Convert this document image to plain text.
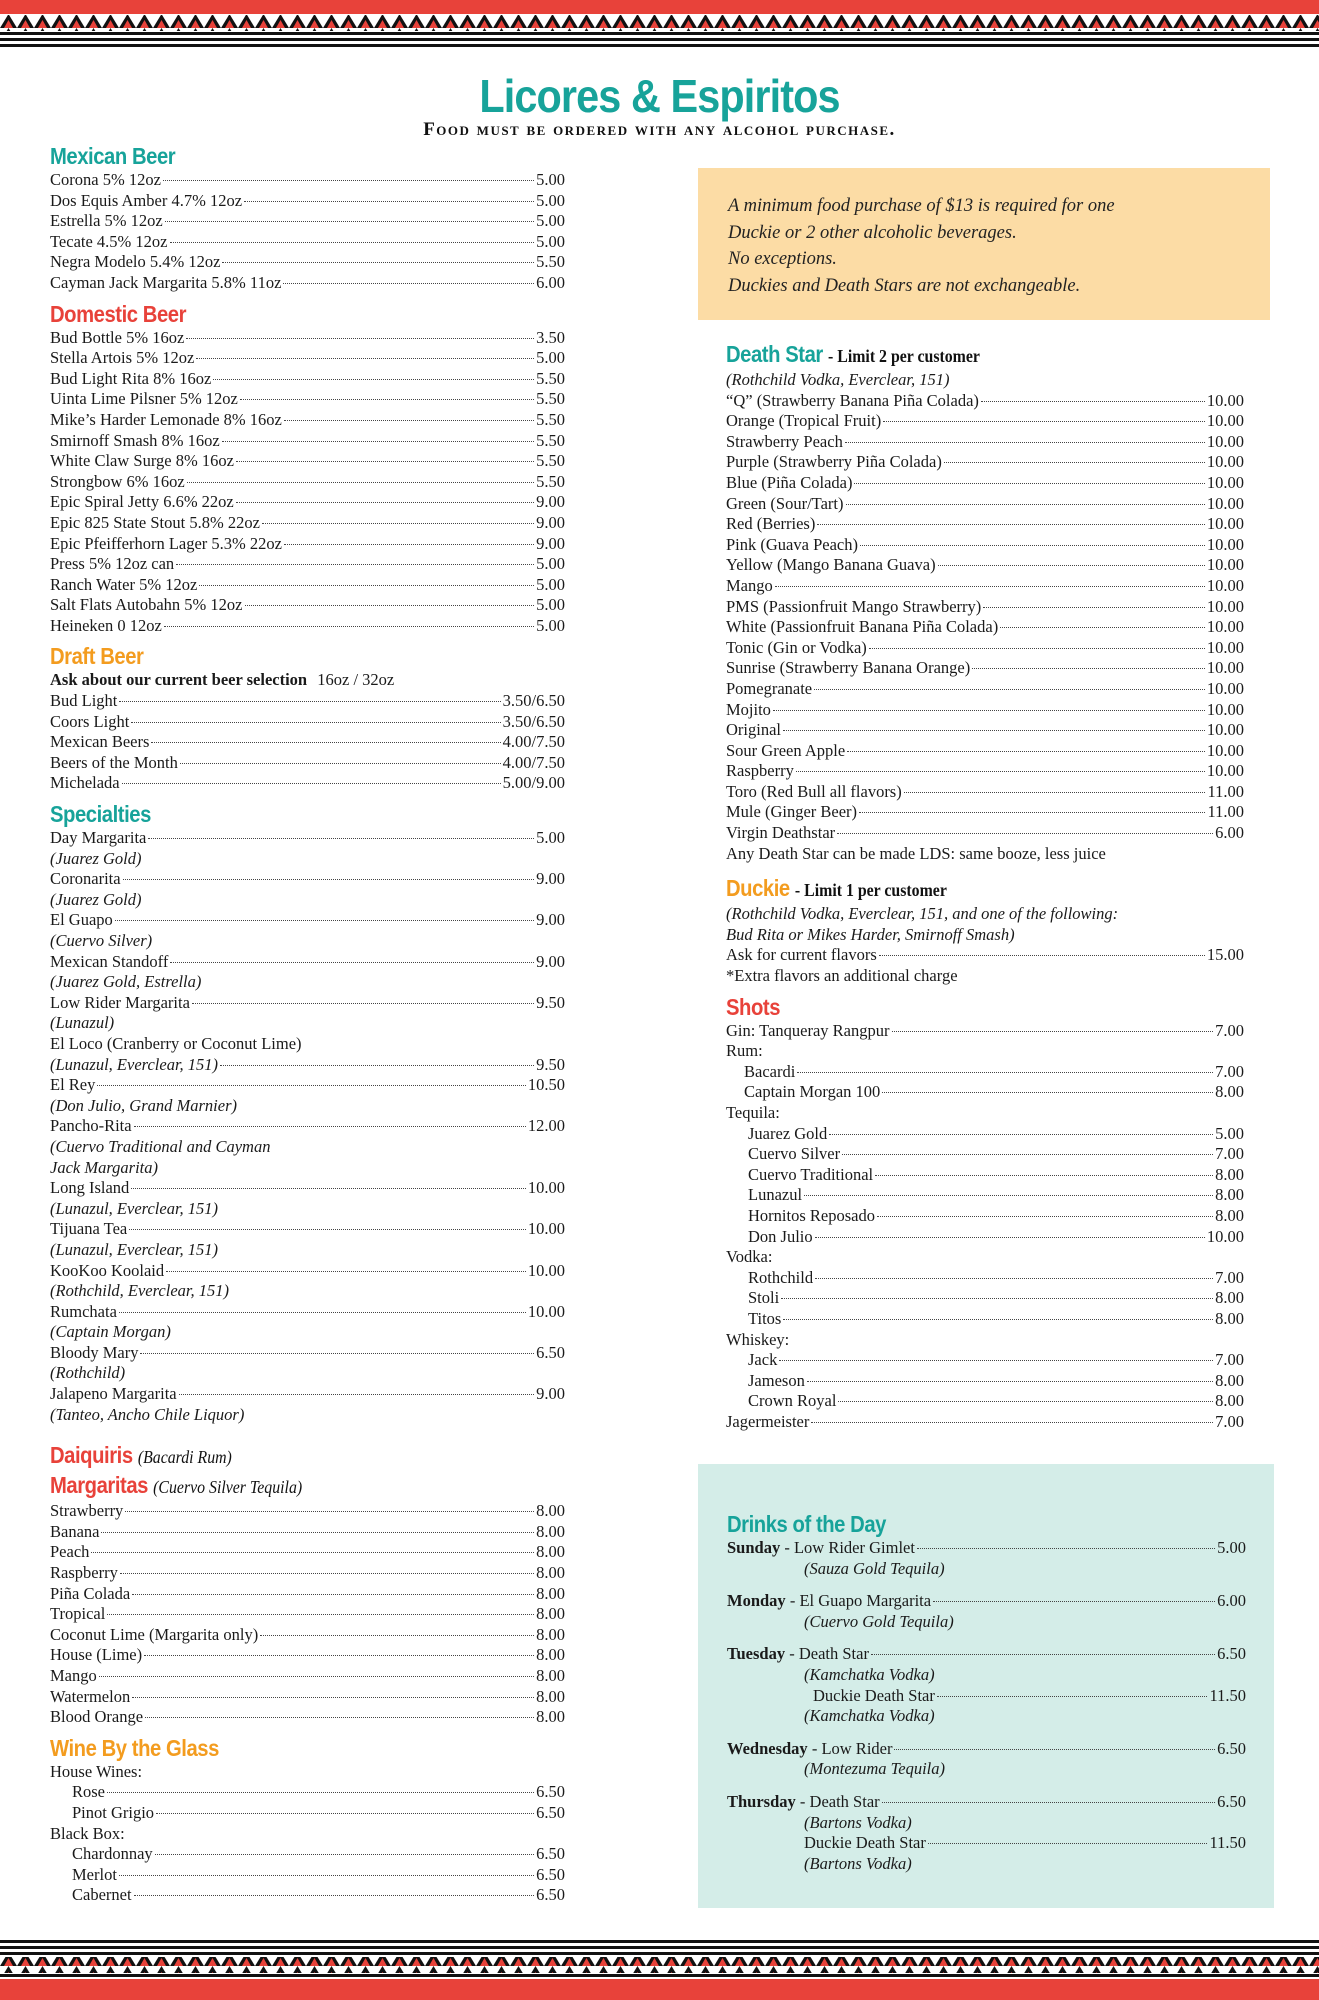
Licores & Espiritos
Food must be ordered with any alcohol purchase.
A minimum food purchase of $13 is required for one
Duckie or 2 other alcoholic beverages.
No exceptions.
Duckies and Death Stars are not exchangeable.
Mexican Beer
Corona 5% 12oz	5.00
Dos Equis Amber 4.7% 12oz	5.00
Estrella 5% 12oz	5.00
Tecate 4.5% 12oz	5.00
Negra Modelo 5.4% 12oz	5.50
Cayman Jack Margarita 5.8% 11oz	6.00
Domestic Beer
Bud Bottle 5% 16oz	3.50
Stella Artois 5% 12oz	5.00
Bud Light Rita 8% 16oz	5.50
Uinta Lime Pilsner 5% 12oz	5.50
Mike’s Harder Lemonade 8% 16oz	5.50
Smirnoff Smash 8% 16oz	5.50
White Claw Surge 8% 16oz	5.50
Strongbow 6% 16oz	5.50
Epic Spiral Jetty 6.6% 22oz	9.00
Epic 825 State Stout 5.8% 22oz	9.00
Epic Pfeifferhorn Lager 5.3% 22oz	9.00
Press 5% 12oz can	5.00
Ranch Water 5% 12oz	5.00
Salt Flats Autobahn 5% 12oz	5.00
Heineken 0 12oz	5.00
Draft Beer
Ask about our current beer selection 16oz / 32oz
Bud Light	3.50/6.50
Coors Light	3.50/6.50
Mexican Beers	4.00/7.50
Beers of the Month	4.00/7.50
Michelada	5.00/9.00
Specialties
Day Margarita	5.00
(Juarez Gold)
Coronarita	9.00
(Juarez Gold)
El Guapo	9.00
(Cuervo Silver)
Mexican Standoff	9.00
(Juarez Gold, Estrella)
Low Rider Margarita	9.50
(Lunazul)
El Loco (Cranberry or Coconut Lime)
(Lunazul, Everclear, 151)	9.50
El Rey	10.50
(Don Julio, Grand Marnier)
Pancho-Rita	12.00
(Cuervo Traditional and Cayman
Jack Margarita)
Long Island	10.00
(Lunazul, Everclear, 151)
Tijuana Tea	10.00
(Lunazul, Everclear, 151)
KooKoo Koolaid	10.00
(Rothchild, Everclear, 151)
Rumchata	10.00
(Captain Morgan)
Bloody Mary	6.50
(Rothchild)
Jalapeno Margarita	9.00
(Tanteo, Ancho Chile Liquor)
Daiquiris (Bacardi Rum)
Margaritas (Cuervo Silver Tequila)
Strawberry	8.00
Banana	8.00
Peach	8.00
Raspberry	8.00
Piña Colada	8.00
Tropical	8.00
Coconut Lime (Margarita only)	8.00
House (Lime)	8.00
Mango	8.00
Watermelon	8.00
Blood Orange	8.00
Wine By the Glass
House Wines:
Rose	6.50
Pinot Grigio	6.50
Black Box:
Chardonnay	6.50
Merlot	6.50
Cabernet	6.50
Death Star - Limit 2 per customer
(Rothchild Vodka, Everclear, 151)
“Q” (Strawberry Banana Piña Colada)	10.00
Orange (Tropical Fruit)	10.00
Strawberry Peach	10.00
Purple (Strawberry Piña Colada)	10.00
Blue (Piña Colada)	10.00
Green (Sour/Tart)	10.00
Red (Berries)	10.00
Pink (Guava Peach)	10.00
Yellow (Mango Banana Guava)	10.00
Mango	10.00
PMS (Passionfruit Mango Strawberry)	10.00
White (Passionfruit Banana Piña Colada)	10.00
Tonic (Gin or Vodka)	10.00
Sunrise (Strawberry Banana Orange)	10.00
Pomegranate	10.00
Mojito	10.00
Original	10.00
Sour Green Apple	10.00
Raspberry	10.00
Toro (Red Bull all flavors)	11.00
Mule (Ginger Beer)	11.00
Virgin Deathstar	6.00
Any Death Star can be made LDS: same booze, less juice
Duckie - Limit 1 per customer
(Rothchild Vodka, Everclear, 151, and one of the following:
Bud Rita or Mikes Harder, Smirnoff Smash)
Ask for current flavors	15.00
*Extra flavors an additional charge
Shots
Gin: Tanqueray Rangpur	7.00
Rum:
Bacardi	7.00
Captain Morgan 100	8.00
Tequila:
Juarez Gold	5.00
Cuervo Silver	7.00
Cuervo Traditional	8.00
Lunazul	8.00
Hornitos Reposado	8.00
Don Julio	10.00
Vodka:
Rothchild	7.00
Stoli	8.00
Titos	8.00
Whiskey:
Jack	7.00
Jameson	8.00
Crown Royal	8.00
Jagermeister	7.00
Drinks of the Day
Sunday - Low Rider Gimlet	5.00
(Sauza Gold Tequila)
Monday - El Guapo Margarita	6.00
(Cuervo Gold Tequila)
Tuesday - Death Star	6.50
(Kamchatka Vodka)
Duckie Death Star	11.50
(Kamchatka Vodka)
Wednesday - Low Rider	6.50
(Montezuma Tequila)
Thursday - Death Star	6.50
(Bartons Vodka)
Duckie Death Star	11.50
(Bartons Vodka)
